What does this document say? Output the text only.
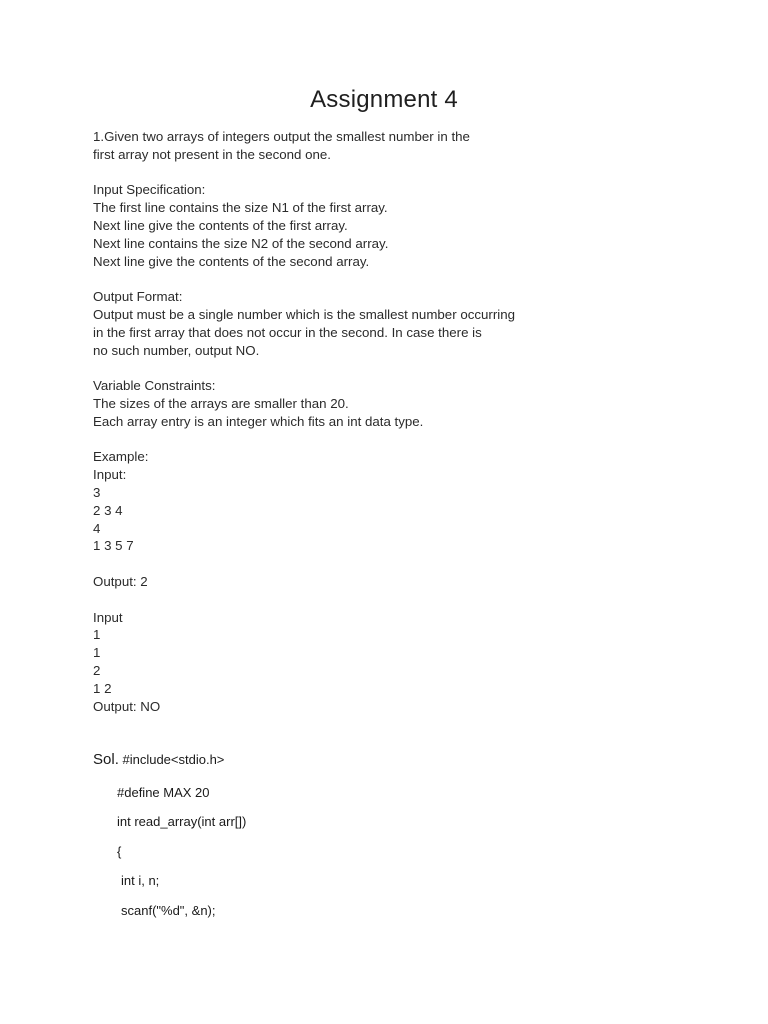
Assignment 4
1.Given two arrays of integers output the smallest number in the
first array not present in the second one.
Input Specification:
The first line contains the size N1 of the first array.
Next line give the contents of the first array.
Next line contains the size N2 of the second array.
Next line give the contents of the second array.
Output Format:
Output must be a single number which is the smallest number occurring
in the first array that does not occur in the second. In case there is
no such number, output NO.
Variable Constraints:
The sizes of the arrays are smaller than 20.
Each array entry is an integer which fits an int data type.
Example:
Input:
3
2 3 4
4
1 3 5 7
Output: 2
Input
1
1
2
1 2
Output: NO
Sol. #include<stdio.h>
#define MAX 20
int read_array(int arr[])
{
int i, n;
scanf("%d", &n);
